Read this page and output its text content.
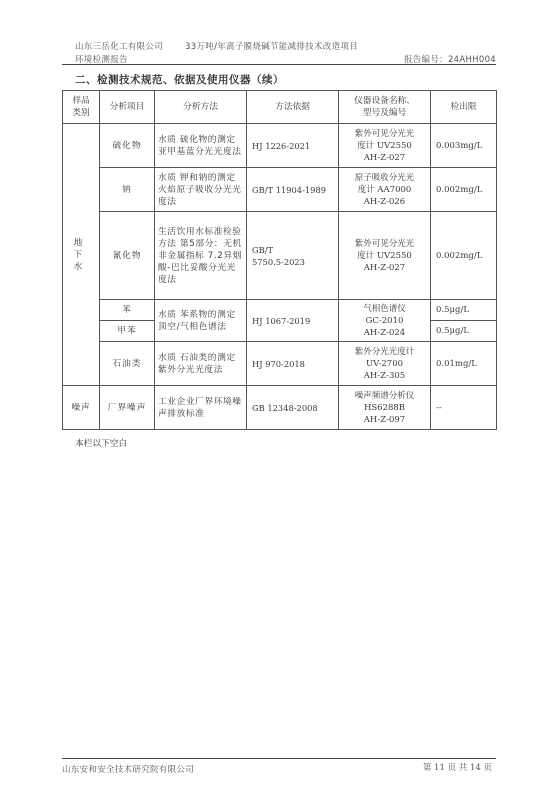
山东三岳化工有限公司	33万吨/年离子膜烧碱节能减排技术改造项目
环境检测报告	报告编号：24AHH004
二、检测技术规范、依据及使用仪器（续）
样品
类别	分析项目	分析方法	方法依据	仪器设备名称、
型号及编号	检出限
地 下
水	硫化物	水质 硫化物的测定 亚甲基蓝分光光度法	HJ 1226-2021	紫外可见分光光
度计 UV2550
AH-Z-027	0.003mg/L
	钠	水质 钾和钠的测定 火焰原子吸收分光光度法	GB/T 11904-1989	原子吸收分光光
度计 AA7000
AH-Z-026	0.002mg/L
	氰化物	生活饮用水标准检验方法 第5部分：无机非金属指标 7.2异烟酸-巴比妥酸分光光度法	GB/T
5750.5-2023	紫外可见分光光
度计 UV2550
AH-Z-027	0.002mg/L
	苯	水质 苯系物的测定 顶空/气相色谱法	HJ 1067-2019	气相色谱仪
GC-2010
AH-Z-024	0.5μg/L
	甲苯				0.5μg/L
	石油类	水质 石油类的测定 紫外分光光度法	HJ 970-2018	紫外分光光度计
UV-2700
AH-Z-305	0.01mg/L
噪声	厂界噪声	工业企业厂界环境噪声排放标准	GB 12348-2008	噪声频谱分析仪
HS6288B
AH-Z-097	--
本栏以下空白
山东安和安全技术研究院有限公司	第 11 页 共 14 页
